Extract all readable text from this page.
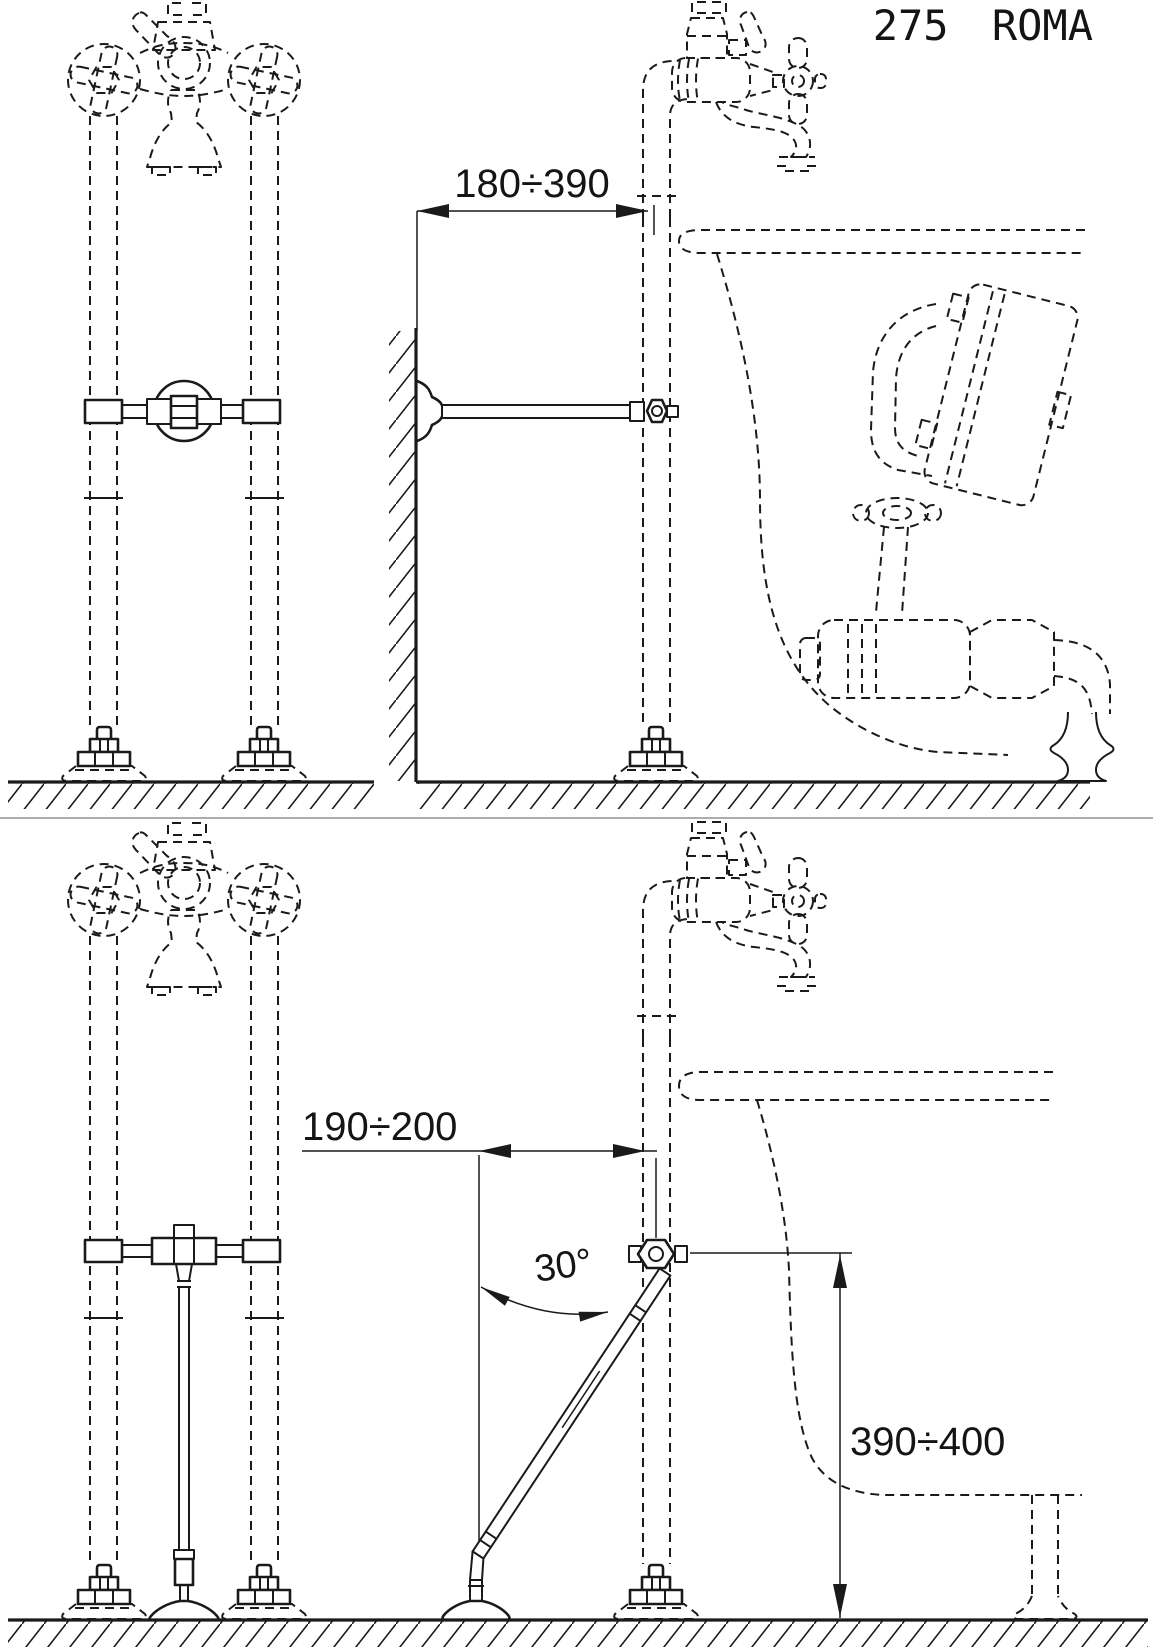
180÷390
190÷200
30°
390÷400
275 ROMA
